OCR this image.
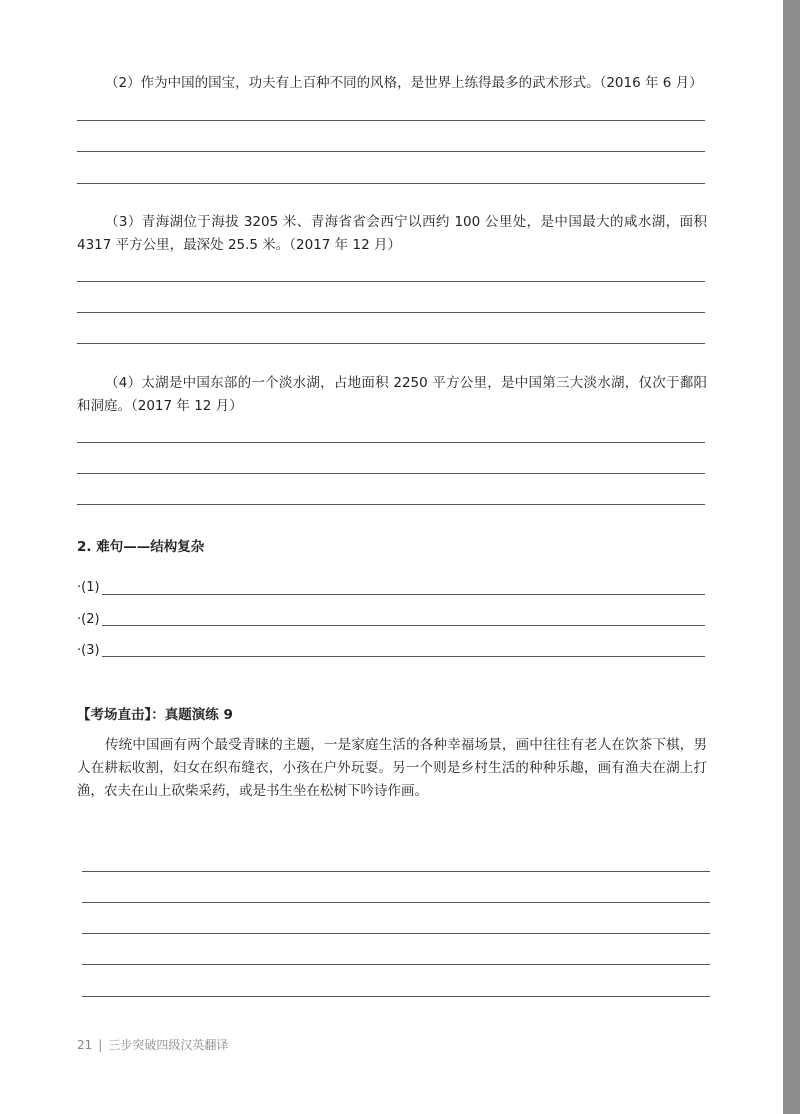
（2）作为中国的国宝，功夫有上百种不同的风格，是世界上练得最多的武术形式。（2016 年 6 月）

（3）青海湖位于海拔 3205 米、青海省省会西宁以西约 100 公里处，是中国最大的咸水湖，面积 4317 平方公里，最深处 25.5 米。（2017 年 12 月）

（4）太湖是中国东部的一个淡水湖，占地面积 2250 平方公里，是中国第三大淡水湖，仅次于鄱阳和洞庭。（2017 年 12 月）

2. 难句——结构复杂
·(1)
·(2)
·(3)
【考场直击】：真题演练 9

传统中国画有两个最受青睐的主题，一是家庭生活的各种幸福场景，画中往往有老人在饮茶下棋，男人在耕耘收割，妇女在织布缝衣，小孩在户外玩耍。另一个则是乡村生活的种种乐趣，画有渔夫在湖上打渔，农夫在山上砍柴采药，或是书生坐在松树下吟诗作画。

21 | 三步突破四级汉英翻译
